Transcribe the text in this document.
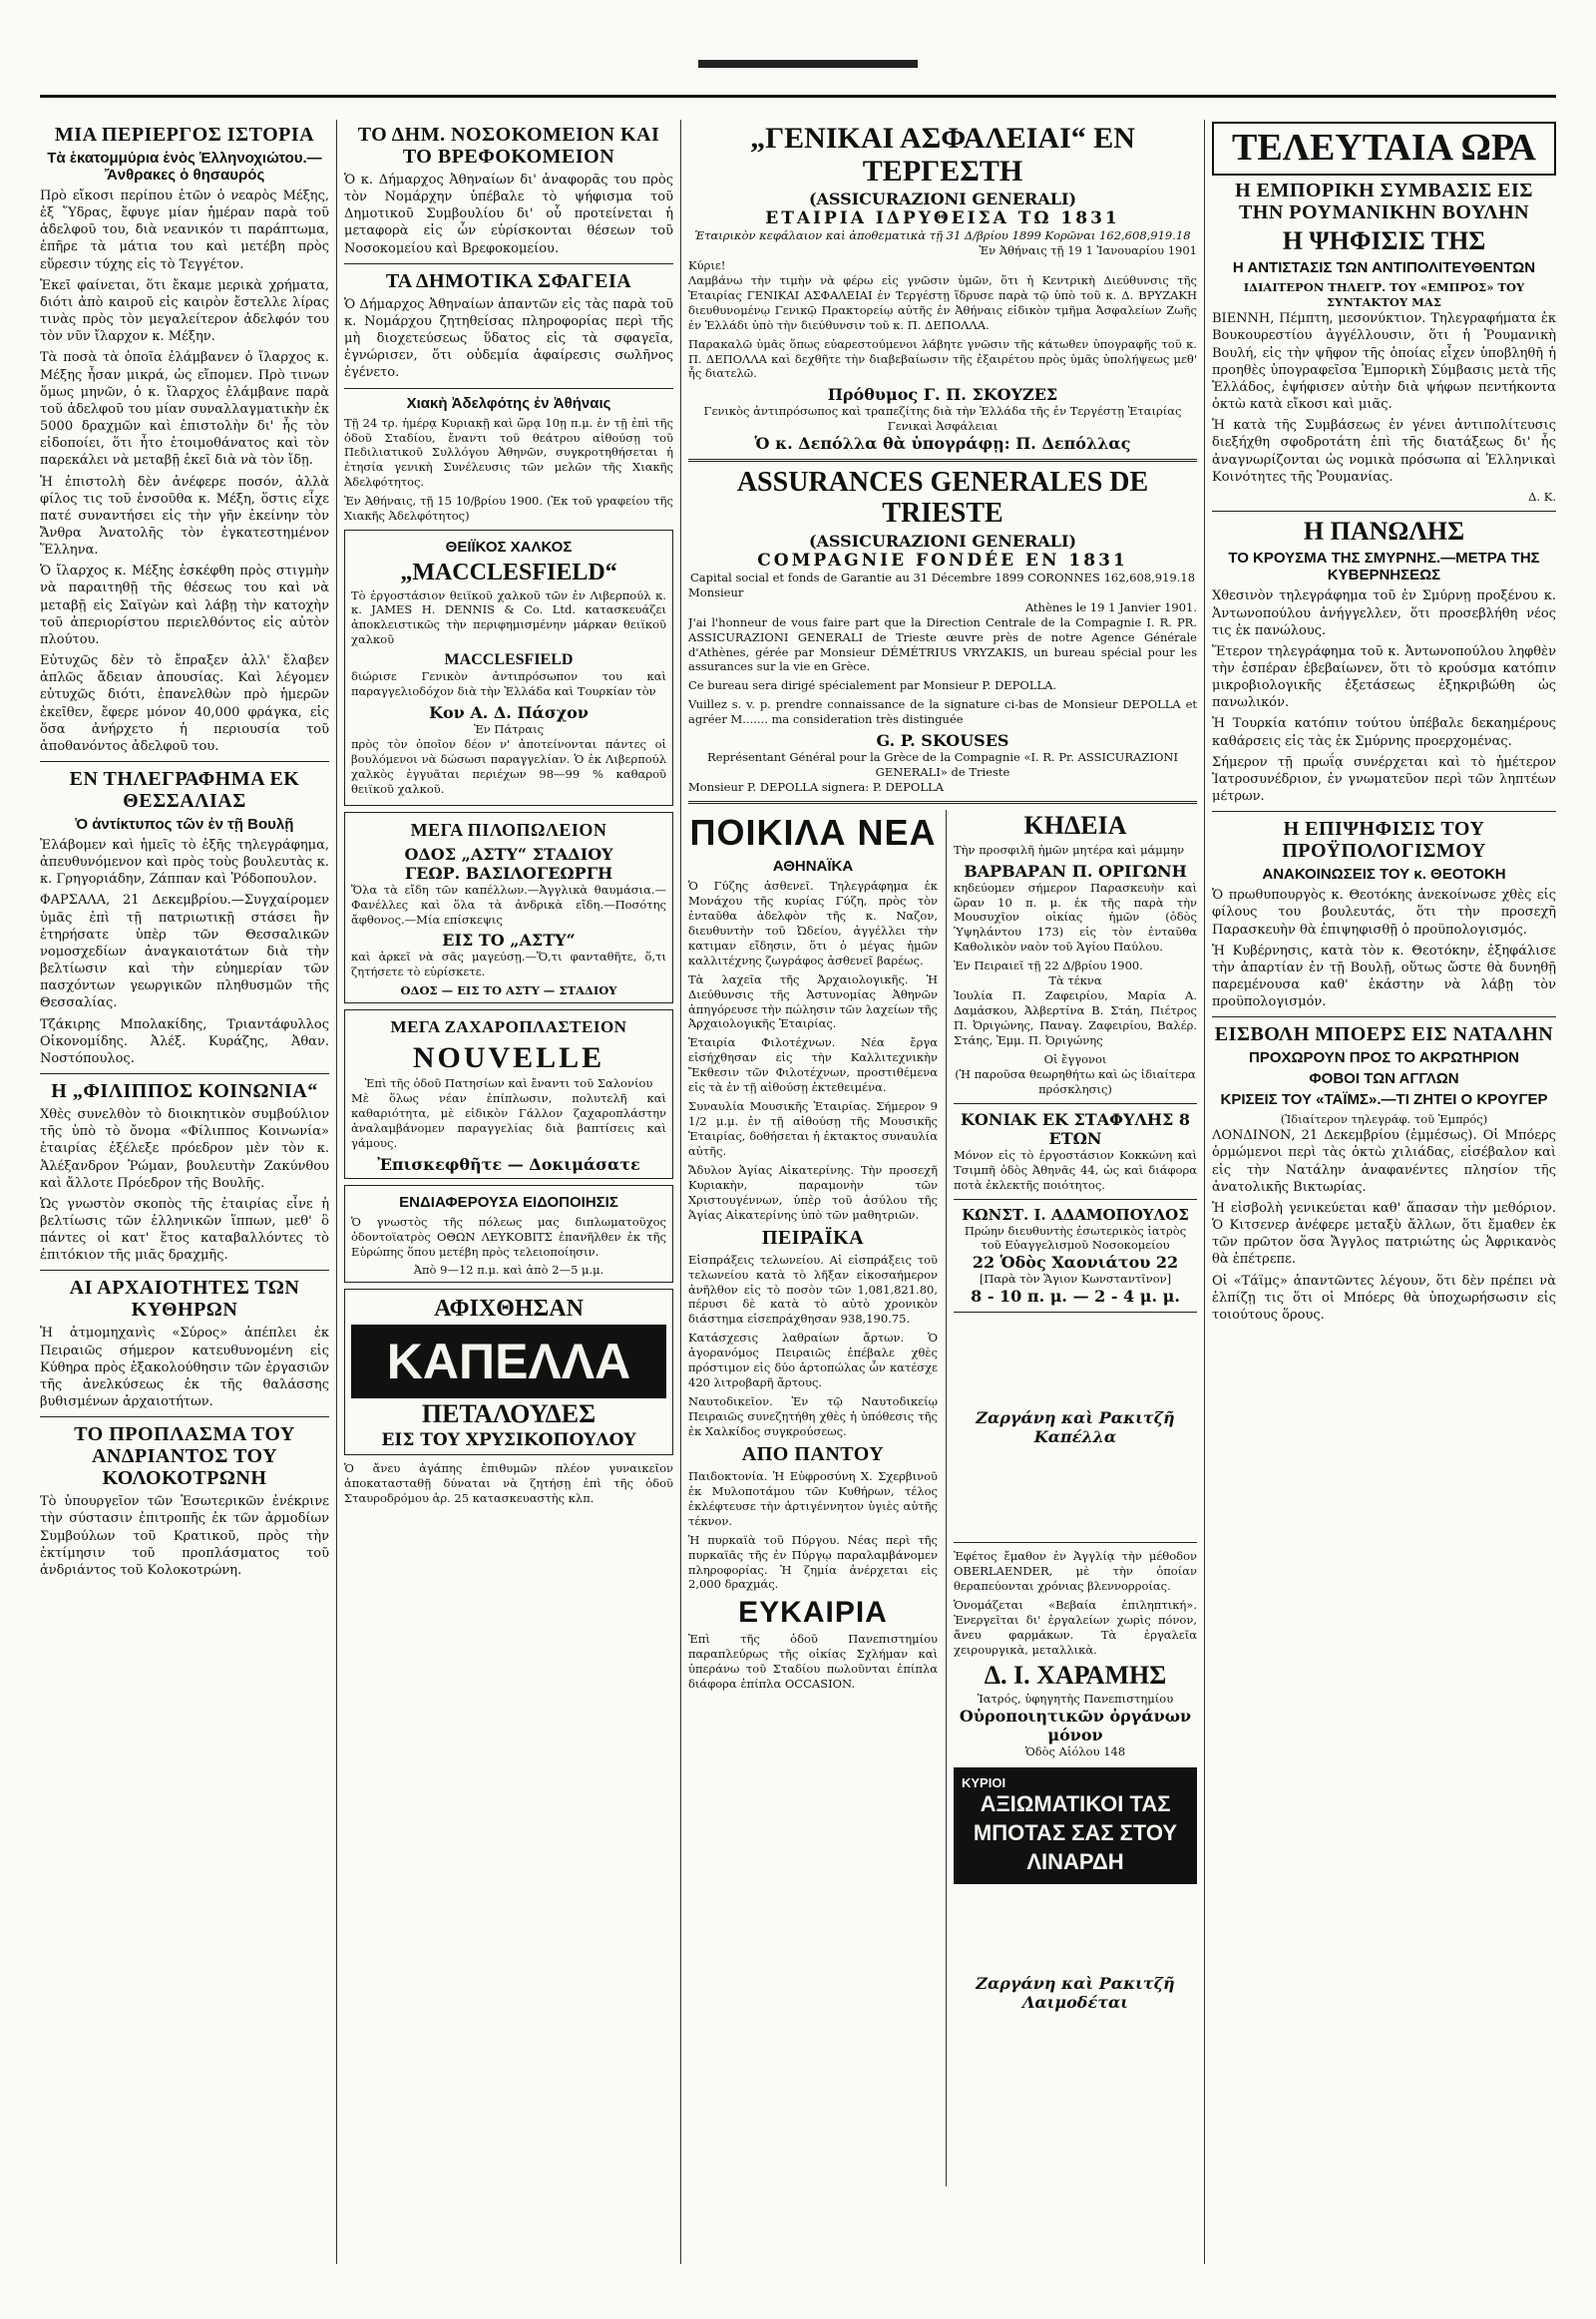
ΜΙΑ ΠΕΡΙΕΡΓΟΣ ΙΣΤΟΡΙΑ
Τὰ ἑκατομμύρια ἑνὸς Ἑλληνοχιώτου.—Ἄνθρακες ὁ θησαυρός

Πρὸ εἴκοσι περίπου ἐτῶν ὁ νεαρὸς Μέξης, ἐξ Ὕδρας, ἔφυγε μίαν ἡμέραν παρὰ τοῦ ἀδελφοῦ του, διὰ νεανικόν τι παράπτωμα, ἐπῆρε τὰ μάτια του καὶ μετέβη πρὸς εὕρεσιν τύχης εἰς τὸ Τεγγέτον.

Ἐκεῖ φαίνεται, ὅτι ἔκαμε μερικὰ χρήματα, διότι ἀπὸ καιροῦ εἰς καιρὸν ἔστελλε λίρας τινὰς πρὸς τὸν μεγαλείτερον ἀδελφόν του τὸν νῦν ἴλαρχον κ. Μέξην.

Τὰ ποσὰ τὰ ὁποῖα ἐλάμβανεν ὁ ἴλαρχος κ. Μέξης ἦσαν μικρά, ὡς εἴπομεν. Πρὸ τινων ὅμως μηνῶν, ὁ κ. ἴλαρχος ἐλάμβανε παρὰ τοῦ ἀδελφοῦ του μίαν συναλλαγματικὴν ἐκ 5000 δραχμῶν καὶ ἐπιστολὴν δι' ἧς τὸν εἰδοποίει, ὅτι ἦτο ἑτοιμοθάνατος καὶ τὸν παρεκάλει νὰ μεταβῇ ἐκεῖ διὰ νὰ τὸν ἴδῃ.

Ἡ ἐπιστολὴ δὲν ἀνέφερε ποσόν, ἀλλὰ φίλος τις τοῦ ἐνσοῦθα κ. Μέξη, ὅστις εἶχε πατέ συναντήσει εἰς τὴν γῆν ἐκείνην τὸν Ἄνθρα Ἀνατολῆς τὸν ἐγκατεστημένον Ἕλληνα.

Ὁ ἴλαρχος κ. Μέξης ἐσκέφθη πρὸς στιγμὴν νὰ παραιτηθῇ τῆς θέσεως του καὶ νὰ μεταβῇ εἰς Σαϊγὼν καὶ λάβῃ τὴν κατοχὴν τοῦ ἀπεριορίστου περιελθόντος εἰς αὐτὸν πλούτου.

Εὐτυχῶς δὲν τὸ ἔπραξεν ἀλλ' ἔλαβεν ἁπλῶς ἄδειαν ἀπουσίας. Καὶ λέγομεν εὐτυχῶς διότι, ἐπανελθὼν πρὸ ἡμερῶν ἐκεῖθεν, ἔφερε μόνον 40,000 φράγκα, εἰς ὅσα ἀνήρχετο ἡ περιουσία τοῦ ἀποθανόντος ἀδελφοῦ του.

ΕΝ ΤΗΛΕΓΡΑΦΗΜΑ ΕΚ ΘΕΣΣΑΛΙΑΣ
Ὁ ἀντίκτυπος τῶν ἐν τῇ Βουλῇ

Ἐλάβομεν καὶ ἡμεῖς τὸ ἑξῆς τηλεγράφημα, ἀπευθυνόμενον καὶ πρὸς τοὺς βουλευτὰς κ. κ. Γρηγοριάδην, Ζάππαν καὶ Ῥόδοπουλον.

ΦΑΡΣΑΛΑ, 21 Δεκεμβρίου.—Συγχαίρομεν ὑμᾶς ἐπὶ τῇ πατριωτικῇ στάσει ἣν ἐτηρήσατε ὑπὲρ τῶν Θεσσαλικῶν νομοσχεδίων ἀναγκαιοτάτων διὰ τὴν βελτίωσιν καὶ τὴν εὐημερίαν τῶν πασχόντων γεωργικῶν πληθυσμῶν τῆς Θεσσαλίας.

Τζάκιρης Μπολακίδης, Τριαντάφυλλος Οἰκονομίδης. Ἀλέξ. Κυράζης, Ἀθαν. Νοστόπουλος.

Η „ΦΙΛΙΠΠΟΣ ΚΟΙΝΩΝΙΑ“

Χθὲς συνελθὸν τὸ διοικητικὸν συμβούλιον τῆς ὑπὸ τὸ ὄνομα «Φίλιππος Κοινωνία» ἑταιρίας ἐξέλεξε πρόεδρον μὲν τὸν κ. Ἀλέξανδρον Ῥώμαν, βουλευτὴν Ζακύνθου καὶ ἄλλοτε Πρόεδρον τῆς Βουλῆς.

Ὡς γνωστὸν σκοπὸς τῆς ἑταιρίας εἶνε ἡ βελτίωσις τῶν ἑλληνικῶν ἵππων, μεθ' ὃ πάντες οἱ κατ' ἔτος καταβαλλόντες τὸ ἐπιτόκιον τῆς μιᾶς δραχμῆς.

ΑΙ ΑΡΧΑΙΟΤΗΤΕΣ ΤΩΝ ΚΥΘΗΡΩΝ

Ἡ ἀτμομηχανὶς «Σύρος» ἀπέπλει ἐκ Πειραιῶς σήμερον κατευθυνομένη εἰς Κύθηρα πρὸς ἐξακολούθησιν τῶν ἐργασιῶν τῆς ἀνελκύσεως ἐκ τῆς θαλάσσης βυθισμένων ἀρχαιοτήτων.

ΤΟ ΠΡΟΠΛΑΣΜΑ ΤΟΥ ΑΝΔΡΙΑΝΤΟΣ ΤΟΥ ΚΟΛΟΚΟΤΡΩΝΗ

Τὸ ὑπουργεῖον τῶν Ἐσωτερικῶν ἐνέκρινε τὴν σύστασιν ἐπιτροπῆς ἐκ τῶν ἀρμοδίων Συμβούλων τοῦ Κρατικοῦ, πρὸς τὴν ἐκτίμησιν τοῦ προπλάσματος τοῦ ἀνδριάντος τοῦ Κολοκοτρώνη.

ΤΟ ΔΗΜ. ΝΟΣΟΚΟΜΕΙΟΝ ΚΑΙ ΤΟ ΒΡΕΦΟΚΟΜΕΙΟΝ

Ὁ κ. Δήμαρχος Ἀθηναίων δι' ἀναφορᾶς του πρὸς τὸν Νομάρχην ὑπέβαλε τὸ ψήφισμα τοῦ Δημοτικοῦ Συμβουλίου δι' οὗ προτείνεται ἡ μεταφορὰ εἰς ὧν εὑρίσκονται θέσεων τοῦ Νοσοκομείου καὶ Βρεφοκομείου.

ΤΑ ΔΗΜΟΤΙΚΑ ΣΦΑΓΕΙΑ

Ὁ Δήμαρχος Ἀθηναίων ἀπαντῶν εἰς τὰς παρὰ τοῦ κ. Νομάρχου ζητηθείσας πληροφορίας περὶ τῆς μὴ διοχετεύσεως ὕδατος εἰς τὰ σφαγεῖα, ἐγνώρισεν, ὅτι οὐδεμία ἀφαίρεσις σωλῆνος ἐγένετο.

Χιακὴ Ἀδελφότης ἐν Ἀθήναις

Τῇ 24 τρ. ἡμέρᾳ Κυριακῇ καὶ ὥρᾳ 10ῃ π.μ. ἐν τῇ ἐπὶ τῆς ὁδοῦ Σταδίου, ἔναντι τοῦ θεάτρου αἰθούσῃ τοῦ Πεδιλιατικοῦ Συλλόγου Ἀθηνῶν, συγκροτηθήσεται ἡ ἐτησία γενικὴ Συνέλευσις τῶν μελῶν τῆς Χιακῆς Ἀδελφότητος.

Ἐν Ἀθήναις, τῇ 15 10/βρίου 1900. (Ἐκ τοῦ γραφείου τῆς Χιακῆς Ἀδελφότητος)

ΘΕΙΪΚΟΣ ΧΑΛΚΟΣ
„MACCLESFIELD“

Τὸ ἐργοστάσιον θειϊκοῦ χαλκοῦ τῶν ἐν Λιβερπούλ κ. κ. JAMES H. DENNIS & Co. Ltd. κατασκευάζει ἀποκλειστικῶς τὴν περιφημισμένην μάρκαν θειϊκοῦ χαλκοῦ

MACCLESFIELD

διώρισε Γενικὸν ἀντιπρόσωπον του καὶ παραγγελιοδόχον διὰ τὴν Ἑλλάδα καὶ Τουρκίαν τὸν

Κον Α. Δ. Πάσχον
Ἐν Πάτραις

πρὸς τὸν ὁποῖον δέον ν' ἀποτείνονται πάντες οἱ βουλόμενοι νὰ δώσωσι παραγγελίαν. Ὁ ἐκ Λιβερπούλ χαλκὸς ἐγγυᾶται περιέχων 98—99 % καθαροῦ θειϊκοῦ χαλκοῦ.

ΜΕΓΑ ΠΙΛΟΠΩΛΕΙΟΝ
ΟΔΟΣ „ΑΣΤΥ“ ΣΤΑΔΙΟΥ
ΓΕΩΡ. ΒΑΣΙΛΟΓΕΩΡΓΗ

Ὅλα τὰ εἴδη τῶν καπέλλων.—Ἀγγλικὰ θαυμάσια.—Φανέλλες καὶ ὅλα τὰ ἀνδρικὰ εἴδη.—Ποσότης ἄφθονος.—Μία επίσκεψις

ΕΙΣ ΤΟ „ΑΣΤΥ“

καὶ ἀρκεῖ νὰ σᾶς μαγεύσῃ.—Ὅ,τι φανταθῆτε, ὅ,τι ζητήσετε τὸ εὑρίσκετε.

ΟΔΟΣ — ΕΙΣ ΤΟ ΑΣΤΥ — ΣΤΑΔΙΟΥ
ΜΕΓΑ ΖΑΧΑΡΟΠΛΑΣΤΕΙΟΝ
NOUVELLE
Ἐπὶ τῆς ὁδοῦ Πατησίων καὶ ἔναντι τοῦ Σαλονίου

Μὲ ὅλως νέαν ἐπίπλωσιν, πολυτελῆ καὶ καθαριότητα, μὲ εἰδικὸν Γάλλον ζαχαροπλάστην ἀναλαμβάνομεν παραγγελίας διὰ βαπτίσεις καὶ γάμους.

Ἐπισκεφθῆτε — Δοκιμάσατε
ΕΝΔΙΑΦΕΡΟΥΣΑ ΕΙΔΟΠΟΙΗΣΙΣ

Ὁ γνωστὸς τῆς πόλεως μας διπλωματοῦχος ὀδοντοϊατρὸς ΟΘΩΝ ΛΕΥΚΟΒΙΤΣ ἐπανῆλθεν ἐκ τῆς Εὐρώπης ὅπου μετέβη πρὸς τελειοποίησιν.

Ἀπὸ 9—12 π.μ. καὶ ἀπὸ 2—5 μ.μ.
ΑΦΙΧΘΗΣΑΝ
ΚΑΠΕΛΛΑ
ΠΕΤΑΛΟΥΔΕΣ
ΕΙΣ ΤΟΥ ΧΡΥΣΙΚΟΠΟΥΛΟΥ

Ὁ ἄνευ ἀγάπης ἐπιθυμῶν πλέον γυναικεῖον ἀποκατασταθῇ δύναται νὰ ζητήσῃ ἐπὶ τῆς ὁδοῦ Σταυροδρόμου ἀρ. 25 κατασκευαστὴς κλπ.

„ΓΕΝΙΚΑΙ ΑΣΦΑΛΕΙΑΙ“ ΕΝ ΤΕΡΓΕΣΤΗ
(ASSICURAZIONI GENERALI)
ΕΤΑΙΡΙΑ ΙΔΡΥΘΕΙΣΑ ΤΩ 1831
Ἑταιρικὸν κεφάλαιον καὶ ἀποθεματικὰ τῇ 31 Δ/βρίου 1899 Κορῶναι 162,608,919.18
Ἐν Ἀθήναις τῇ 19 1 Ἰανουαρίου 1901
Κύριε!

Λαμβάνω τὴν τιμὴν νὰ φέρω εἰς γνῶσιν ὑμῶν, ὅτι ἡ Κεντρικὴ Διεύθυνσις τῆς Ἑταιρίας ΓΕΝΙΚΑΙ ΑΣΦΑΛΕΙΑΙ ἐν Τεργέστῃ ἵδρυσε παρὰ τῷ ὑπὸ τοῦ κ. Δ. ΒΡΥΖΑΚΗ διευθυνομένῳ Γενικῷ Πρακτορείῳ αὐτῆς ἐν Ἀθήναις εἰδικὸν τμῆμα Ἀσφαλείων Ζωῆς ἐν Ἑλλάδι ὑπὸ τὴν διεύθυνσιν τοῦ κ. Π. ΔΕΠΟΛΛΑ.

Παρακαλῶ ὑμᾶς ὅπως εὐαρεστούμενοι λάβητε γνῶσιν τῆς κάτωθεν ὑπογραφῆς τοῦ κ. Π. ΔΕΠΟΛΛΑ καὶ δεχθῆτε τὴν διαβεβαίωσιν τῆς ἐξαιρέτου πρὸς ὑμᾶς ὑπολήψεως μεθ' ἧς διατελῶ.

Πρόθυμος Γ. Π. ΣΚΟΥΖΕΣ
Γενικὸς ἀντιπρόσωπος καὶ τραπεζίτης διὰ τὴν Ἑλλάδα τῆς ἐν Τεργέστῃ Ἑταιρίας Γενικαὶ Ἀσφάλειαι
Ὁ κ. Δεπόλλα θὰ ὑπογράφῃ: Π. Δεπόλλας
ASSURANCES GENERALES DE TRIESTE
(ASSICURAZIONI GENERALI)
COMPAGNIE FONDÉE EN 1831
Capital social et fonds de Garantie au 31 Décembre 1899 CORONNES 162,608,919.18
Monsieur
Athènes le 19 1 Janvier 1901.

J'ai l'honneur de vous faire part que la Direction Centrale de la Compagnie I. R. PR. ASSICURAZIONI GENERALI de Trieste œuvre près de notre Agence Générale d'Athènes, gérée par Monsieur DÉMÉTRIUS VRYZAKIS, un bureau spécial pour les assurances sur la vie en Grèce.

Ce bureau sera dirigé spécialement par Monsieur P. DEPOLLA.

Vuillez s. v. p. prendre connaissance de la signature ci-bas de Monsieur DEPOLLA et agréer M....... ma consideration très distinguée

G. P. SKOUSES
Représentant Général pour la Grèce de la Compagnie «I. R. Pr. ASSICURAZIONI GENERALI» de Trieste
Monsieur P. DEPOLLA signera: P. DEPOLLA
ΠΟΙΚΙΛΑ ΝΕΑ
ΑΘΗΝΑΪΚΑ

Ὁ Γύζης ἀσθενεῖ. Τηλεγράφημα ἐκ Μονάχου τῆς κυρίας Γύζη, πρὸς τὸν ἐνταῦθα ἀδελφὸν τῆς κ. Ναζον, διευθυντὴν τοῦ Ὠδείου, ἀγγέλλει τὴν κατιμαν εἴδησιν, ὅτι ὁ μέγας ἡμῶν καλλιτέχνης ζωγράφος ἀσθενεῖ βαρέως.

Τὰ λαχεῖα τῆς Ἀρχαιολογικῆς. Ἡ Διεύθυνσις τῆς Ἀστυνομίας Ἀθηνῶν ἀπηγόρευσε τὴν πώλησιν τῶν λαχείων τῆς Ἀρχαιολογικῆς Ἑταιρίας.

Ἑταιρία Φιλοτέχνων. Νέα ἔργα εἰσήχθησαν εἰς τὴν Καλλιτεχνικὴν Ἔκθεσιν τῶν Φιλοτέχνων, προστιθέμενα εἰς τὰ ἐν τῇ αἰθούσῃ ἐκτεθειμένα.

Συναυλία Μουσικῆς Ἑταιρίας. Σήμερον 9 1/2 μ.μ. ἐν τῇ αἰθούσῃ τῆς Μουσικῆς Ἑταιρίας, δοθήσεται ἡ ἐκτακτος συναυλία αὐτῆς.

Ἄδυλον Ἁγίας Αἰκατερίνης. Τὴν προσεχῆ Κυριακὴν, παραμονὴν τῶν Χριστουγέννων, ὑπὲρ τοῦ ἀσύλου τῆς Ἁγίας Αἰκατερίνης ὑπὸ τῶν μαθητριῶν.

ΠΕΙΡΑΪΚΑ

Εἰσπράξεις τελωνείου. Αἱ εἰσπράξεις τοῦ τελωνείου κατὰ τὸ λῆξαν εἰκοσαήμερον ἀνῆλθον εἰς τὸ ποσὸν τῶν 1,081,821.80, πέρυσι δὲ κατὰ τὸ αὐτὸ χρονικὸν διάστημα εἰσεπράχθησαν 938,190.75.

Κατάσχεσις λαθραίων ἄρτων. Ὁ ἀγορανόμος Πειραιῶς ἐπέβαλε χθὲς πρόστιμον εἰς δύο ἀρτοπώλας ὧν κατέσχε 420 λιτροβαρῆ ἄρτους.

Ναυτοδικεῖον. Ἐν τῷ Ναυτοδικείῳ Πειραιῶς συνεζητήθη χθὲς ἡ ὑπόθεσις τῆς ἐκ Χαλκίδος συγκρούσεως.

ΑΠΟ ΠΑΝΤΟΥ

Παιδοκτονία. Ἡ Εὐφροσύνη Χ. Σχερβινοῦ ἐκ Μυλοποτάμου τῶν Κυθήρων, τέλος ἐκλέφτευσε τὴν ἀρτιγέννητον ὑγιὲς αὐτῆς τέκνον.

Ἡ πυρκαϊὰ τοῦ Πύργου. Νέας περὶ τῆς πυρκαϊᾶς τῆς ἐν Πύργῳ παραλαμβάνομεν πληροφορίας. Ἡ ζημία ἀνέρχεται εἰς 2,000 δραχμάς.

ΕΥΚΑΙΡΙΑ

Ἐπὶ τῆς ὁδοῦ Πανεπιστημίου παραπλεύρως τῆς οἰκίας Σχλήμαν καὶ ὑπεράνω τοῦ Σταδίου πωλοῦνται ἐπίπλα διάφορα ἐπίπλα OCCASION.

ΚΗΔΕΙΑ

Τὴν προσφιλῆ ἡμῶν μητέρα καὶ μάμμην

ΒΑΡΒΑΡΑΝ Π. ΟΡΙΓΩΝΗ

κηδεύομεν σήμερον Παρασκευὴν καὶ ὥραν 10 π. μ. ἐκ τῆς παρὰ τὴν Μουσυχῖον οἰκίας ἡμῶν (ὁδὸς Ὑψηλάντου 173) εἰς τὸν ἐνταῦθα Καθολικὸν ναὸν τοῦ Ἁγίου Παύλου.

Ἐν Πειραιεῖ τῇ 22 Δ/βρίου 1900.
Τὰ τέκνα

Ἰουλία Π. Ζαφειρίου, Μαρία Α. Δαμάσκου, Ἀλβερτίνα Β. Στάη, Πιέτρος Π. Ὀριγώνης, Παναγ. Ζαφειρίου, Βαλέρ. Στάης, Ἐμμ. Π. Ὀριγώνης

Οἱ ἔγγονοι
(Ἡ παροῦσα θεωρηθήτω καὶ ὡς ἰδιαίτερα πρόσκλησις)
ΚΟΝΙΑΚ ΕΚ ΣΤΑΦΥΛΗΣ 8 ΕΤΩΝ

Μόνον εἰς τὸ ἐργοστάσιον Κοκκώνη καὶ Τσιμπῆ ὁδὸς Ἀθηνᾶς 44, ὡς καὶ διάφορα ποτὰ ἐκλεκτῆς ποιότητος.

ΚΩΝΣΤ. Ι. ΑΔΑΜΟΠΟΥΛΟΣ
Πρώην διευθυντὴς ἐσωτερικὸς ἰατρὸς τοῦ Εὐαγγελισμοῦ Νοσοκομείου
22 Ὁδὸς Χαονιάτου 22
[Παρὰ τὸν Ἅγιον Κωνσταντῖνον]
8 - 10 π. μ. — 2 - 4 μ. μ.
Ζαργάνη καὶ Ρακιτζῆ Καπέλλα

Ἐφέτος ἔμαθον ἐν Ἀγγλίᾳ τὴν μέθοδον OBERLAENDER, μὲ τὴν ὁποίαν θεραπεύονται χρόνιας βλεννορροίας.

Ὁνομάζεται «Βεβαία ἐπιληπτική». Ἐνεργεῖται δι' ἐργαλείων χωρὶς πόνον, ἄνευ φαρμάκων. Τὰ ἐργαλεῖα χειρουργικὰ, μεταλλικὰ.

Δ. Ι. ΧΑΡΑΜΗΣ
Ἰατρός, ὑφηγητὴς Πανεπιστημίου
Οὐροποιητικῶν ὀργάνων μόνον
Ὁδὸς Αἰόλου 148
ΚΥΡΙΟΙ
ΑΞΙΩΜΑΤΙΚΟΙ ΤΑΣ ΜΠΟΤΑΣ ΣΑΣ ΣΤΟΥ ΛΙΝΑΡΔΗ
Ζαργάνη καὶ Ρακιτζῆ Λαιμοδέται
ΤΕΛΕΥΤΑΙΑ ΩΡΑ
Η ΕΜΠΟΡΙΚΗ ΣΥΜΒΑΣΙΣ ΕΙΣ ΤΗΝ ΡΟΥΜΑΝΙΚΗΝ ΒΟΥΛΗΝ
Η ΨΗΦΙΣΙΣ ΤΗΣ
Η ΑΝΤΙΣΤΑΣΙΣ ΤΩΝ ΑΝΤΙΠΟΛΙΤΕΥΘΕΝΤΩΝ
ΙΔΙΑΙΤΕΡΟΝ ΤΗΛΕΓΡ. ΤΟΥ «ΕΜΠΡΟΣ» ΤΟΥ ΣΥΝΤΑΚΤΟΥ ΜΑΣ

ΒΙΕΝΝΗ, Πέμπτη, μεσονύκτιον. Τηλεγραφήματα ἐκ Βουκουρεστίου ἀγγέλλουσιν, ὅτι ἡ Ῥουμανικὴ Βουλή, εἰς τὴν ψῆφον τῆς ὁποίας εἶχεν ὑποβληθῆ ἡ προηθὲς ὑπογραφεῖσα Ἐμπορικὴ Σύμβασις μετὰ τῆς Ἑλλάδος, ἐψήφισεν αὐτὴν διὰ ψήφων πεντήκοντα ὀκτὼ κατὰ εἴκοσι καὶ μιᾶς.

Ἡ κατὰ τῆς Συμβάσεως ἐν γένει ἀντιπολίτευσις διεξήχθη σφοδροτάτη ἐπὶ τῆς διατάξεως δι' ἧς ἀναγνωρίζονται ὡς νομικὰ πρόσωπα αἱ Ἑλληνικαὶ Κοινότητες τῆς Ῥουμανίας.

Δ. Κ.
Η ΠΑΝΩΛΗΣ
ΤΟ ΚΡΟΥΣΜΑ ΤΗΣ ΣΜΥΡΝΗΣ.—ΜΕΤΡΑ ΤΗΣ ΚΥΒΕΡΝΗΣΕΩΣ

Χθεσινὸν τηλεγράφημα τοῦ ἐν Σμύρνῃ προξένου κ. Ἀντωνοπούλου ἀνήγγελλεν, ὅτι προσεβλήθη νέος τις ἐκ πανώλους.

Ἕτερον τηλεγράφημα τοῦ κ. Ἀντωνοπούλου ληφθὲν τὴν ἑσπέραν ἐβεβαίωνεν, ὅτι τὸ κρούσμα κατόπιν μικροβιολογικῆς ἐξετάσεως ἐξηκριβώθη ὡς πανωλικόν.

Ἡ Τουρκία κατόπιν τούτου ὑπέβαλε δεκαημέρους καθάρσεις εἰς τὰς ἐκ Σμύρνης προερχομένας.

Σήμερον τῇ πρωΐᾳ συνέρχεται καὶ τὸ ἡμέτερον Ἰατροσυνέδριον, ἐν γνωματεῦον περὶ τῶν ληπτέων μέτρων.

Η ΕΠΙΨΗΦΙΣΙΣ ΤΟΥ ΠΡΟΫΠΟΛΟΓΙΣΜΟΥ
ΑΝΑΚΟΙΝΩΣΕΙΣ ΤΟΥ κ. ΘΕΟΤΟΚΗ

Ὁ πρωθυπουργὸς κ. Θεοτόκης ἀνεκοίνωσε χθὲς εἰς φίλους του βουλευτάς, ὅτι τὴν προσεχῆ Παρασκευὴν θὰ ἐπιψηφισθῇ ὁ προϋπολογισμός.

Ἡ Κυβέρνησις, κατὰ τὸν κ. Θεοτόκην, ἐξηφάλισε τὴν ἀπαρτίαν ἐν τῇ Βουλῇ, οὕτως ὥστε θὰ δυνηθῇ παρεμένουσα καθ' ἑκάστην νὰ λάβῃ τὸν προϋπολογισμόν.

ΕΙΣΒΟΛΗ ΜΠΟΕΡΣ ΕΙΣ ΝΑΤΑΛΗΝ
ΠΡΟΧΩΡΟΥΝ ΠΡΟΣ ΤΟ ΑΚΡΩΤΗΡΙΟΝ
ΦΟΒΟΙ ΤΩΝ ΑΓΓΛΩΝ
ΚΡΙΣΕΙΣ ΤΟΥ «ΤΑΪΜΣ».—ΤΙ ΖΗΤΕΙ Ο ΚΡΟΥΓΕΡ
(Ἰδιαίτερον τηλεγράφ. τοῦ Ἐμπρός)

ΛΟΝΔΙΝΟΝ, 21 Δεκεμβρίου (ἐμμέσως). Οἱ Μπόερς ὁρμώμενοι περὶ τὰς ὀκτὼ χιλιάδας, εἰσέβαλον καὶ εἰς τὴν Νατάλην ἀναφανέντες πλησίον τῆς ἀνατολικῆς Βικτωρίας.

Ἡ εἰσβολὴ γενικεύεται καθ' ἅπασαν τὴν μεθόριον. Ὁ Κιτσενερ ἀνέφερε μεταξὺ ἄλλων, ὅτι ἔμαθεν ἐκ τῶν πρῶτον ὅσα Ἄγγλος πατριώτης ὡς Ἀφρικανὸς θὰ ἐπέτρεπε.

Οἱ «Τάϊμς» ἀπαντῶντες λέγουν, ὅτι δὲν πρέπει νὰ ἐλπίζῃ τις ὅτι οἱ Μπόερς θὰ ὑποχωρήσωσιν εἰς τοιούτους ὅρους.
